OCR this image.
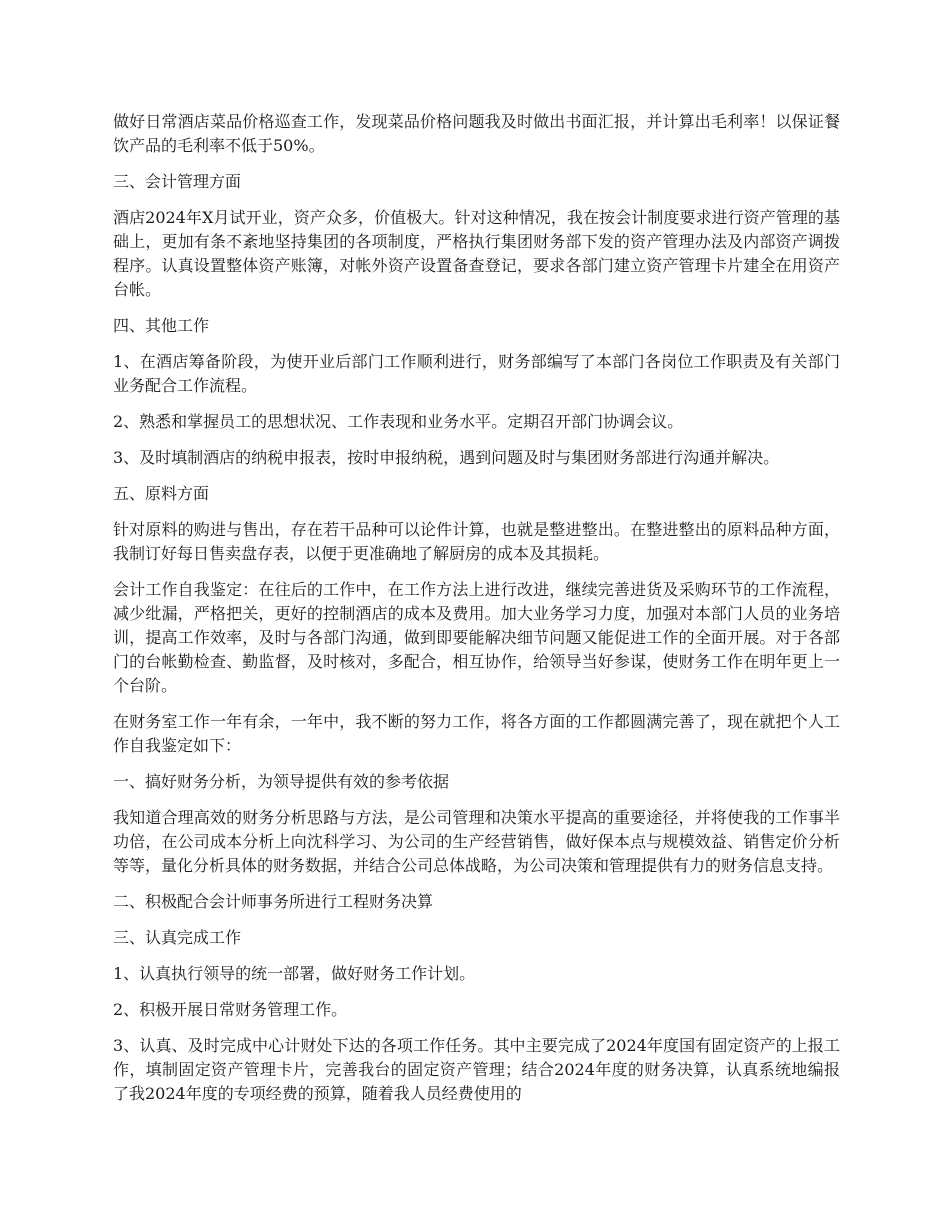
做好日常酒店菜品价格巡查工作，发现菜品价格问题我及时做出书面汇报，并计算出毛利率！以保证餐饮产品的毛利率不低于50%。

三、会计管理方面

酒店2024年X月试开业，资产众多，价值极大。针对这种情况，我在按会计制度要求进行资产管理的基础上，更加有条不紊地坚持集团的各项制度，严格执行集团财务部下发的资产管理办法及内部资产调拨程序。认真设置整体资产账簿，对帐外资产设置备查登记，要求各部门建立资产管理卡片建全在用资产台帐。

四、其他工作

1、在酒店筹备阶段，为使开业后部门工作顺利进行，财务部编写了本部门各岗位工作职责及有关部门业务配合工作流程。

2、熟悉和掌握员工的思想状况、工作表现和业务水平。定期召开部门协调会议。

3、及时填制酒店的纳税申报表，按时申报纳税，遇到问题及时与集团财务部进行沟通并解决。

五、原料方面

针对原料的购进与售出，存在若干品种可以论件计算，也就是整进整出。在整进整出的原料品种方面，我制订好每日售卖盘存表，以便于更准确地了解厨房的成本及其损耗。

会计工作自我鉴定：在往后的工作中，在工作方法上进行改进，继续完善进货及采购环节的工作流程，减少纰漏，严格把关，更好的控制酒店的成本及费用。加大业务学习力度，加强对本部门人员的业务培训，提高工作效率，及时与各部门沟通，做到即要能解决细节问题又能促进工作的全面开展。对于各部门的台帐勤检查、勤监督，及时核对，多配合，相互协作，给领导当好参谋，使财务工作在明年更上一个台阶。

在财务室工作一年有余，一年中，我不断的努力工作，将各方面的工作都圆满完善了，现在就把个人工作自我鉴定如下：

一、搞好财务分析，为领导提供有效的参考依据

我知道合理高效的财务分析思路与方法，是公司管理和决策水平提高的重要途径，并将使我的工作事半功倍，在公司成本分析上向沈科学习、为公司的生产经营销售，做好保本点与规模效益、销售定价分析等等，量化分析具体的财务数据，并结合公司总体战略，为公司决策和管理提供有力的财务信息支持。

二、积极配合会计师事务所进行工程财务决算

三、认真完成工作

1、认真执行领导的统一部署，做好财务工作计划。

2、积极开展日常财务管理工作。

3、认真、及时完成中心计财处下达的各项工作任务。其中主要完成了2024年度国有固定资产的上报工作，填制固定资产管理卡片，完善我台的固定资产管理；结合2024年度的财务决算，认真系统地编报了我2024年度的专项经费的预算，随着我人员经费使用的
